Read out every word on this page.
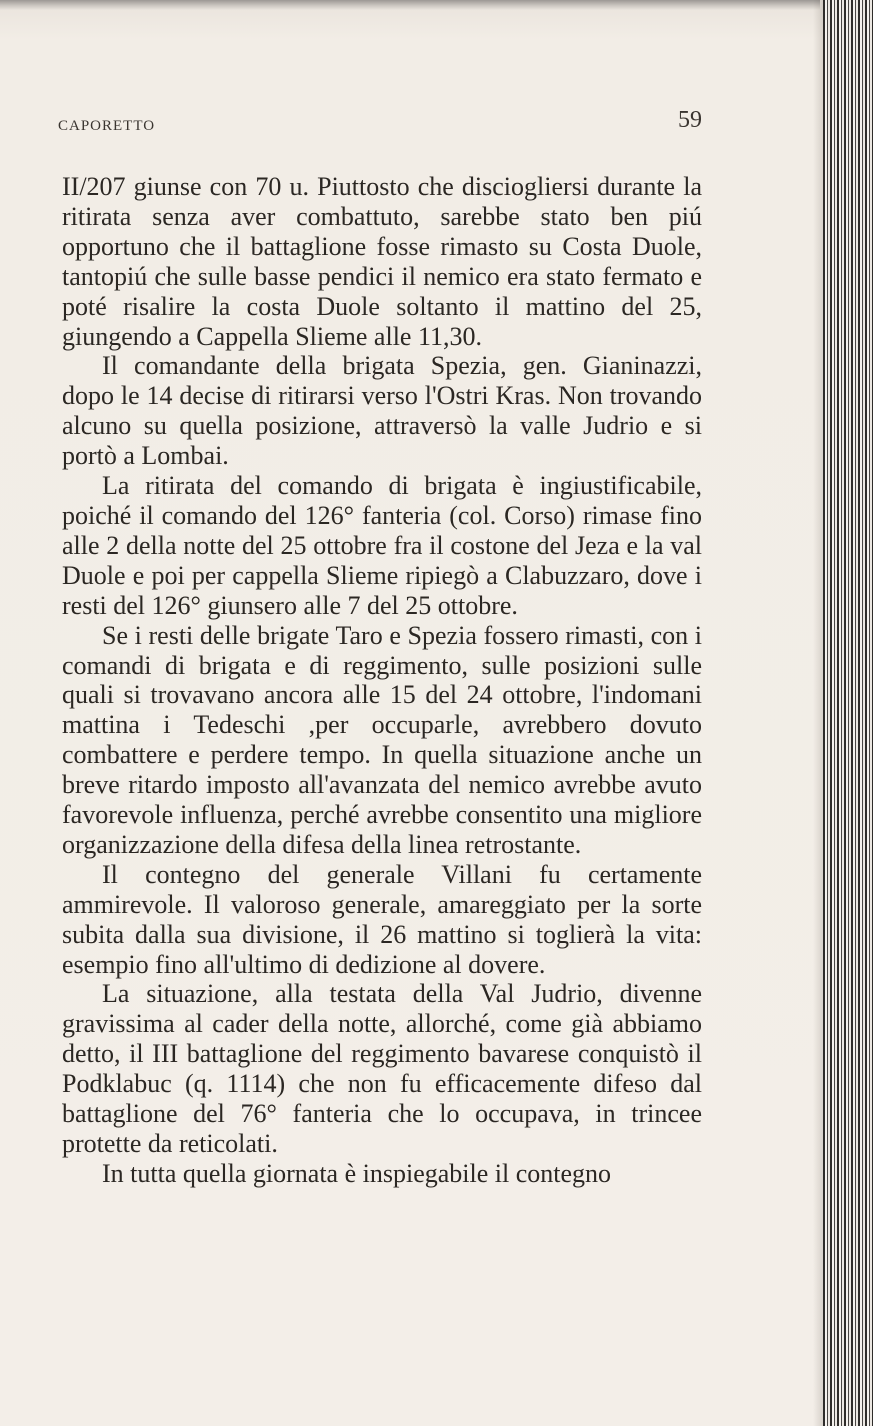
CAPORETTO	59

II/207 giunse con 70 u. Piuttosto che disciogliersi durante la ritirata senza aver combattuto, sarebbe stato ben piú opportuno che il battaglione fosse rimasto su Costa Duole, tantopiú che sulle basse pendici il nemico era stato fermato e poté risalire la costa Duole soltanto il mattino del 25, giungendo a Cappella Slieme alle 11,30.

Il comandante della brigata Spezia, gen. Gianinazzi, dopo le 14 decise di ritirarsi verso l'Ostri Kras. Non trovando alcuno su quella posizione, attraversò la valle Judrio e si portò a Lombai.

La ritirata del comando di brigata è ingiustificabile, poiché il comando del 126° fanteria (col. Corso) rimase fino alle 2 della notte del 25 ottobre fra il costone del Jeza e la val Duole e poi per cappella Slieme ripiegò a Clabuzzaro, dove i resti del 126° giunsero alle 7 del 25 ottobre.

Se i resti delle brigate Taro e Spezia fossero rimasti, con i comandi di brigata e di reggimento, sulle posizioni sulle quali si trovavano ancora alle 15 del 24 ottobre, l'indomani mattina i Tedeschi ,per occuparle, avrebbero dovuto combattere e perdere tempo. In quella situazione anche un breve ritardo imposto all'avanzata del nemico avrebbe avuto favorevole influenza, perché avrebbe consentito una migliore organizzazione della difesa della linea retrostante.

Il contegno del generale Villani fu certamente ammirevole. Il valoroso generale, amareggiato per la sorte subita dalla sua divisione, il 26 mattino si toglierà la vita: esempio fino all'ultimo di dedizione al dovere.

La situazione, alla testata della Val Judrio, divenne gravissima al cader della notte, allorché, come già abbiamo detto, il III battaglione del reggimento bavarese conquistò il Podklabuc (q. 1114) che non fu efficacemente difeso dal battaglione del 76° fanteria che lo occupava, in trincee protette da reticolati.

In tutta quella giornata è inspiegabile il contegno
